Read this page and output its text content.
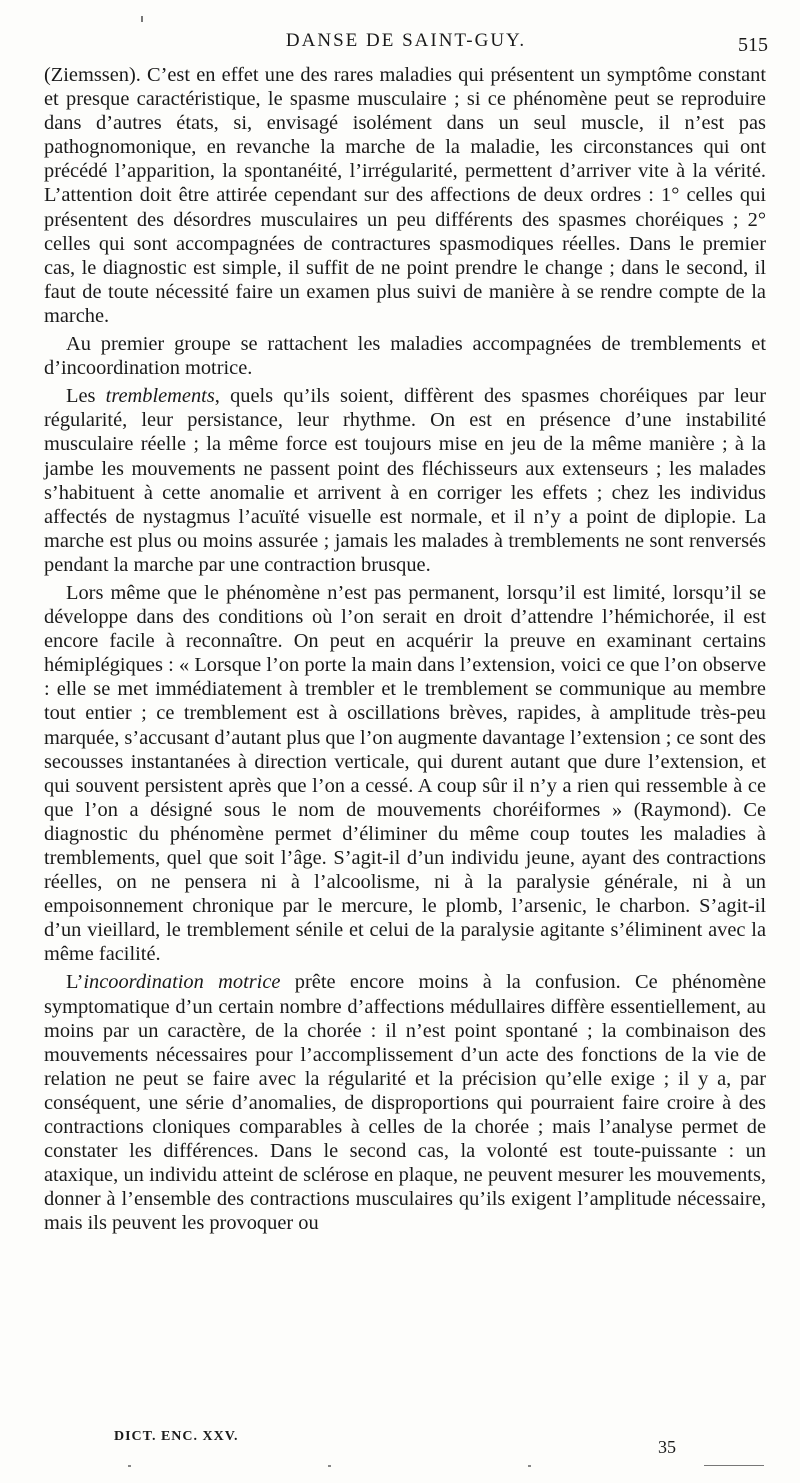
DANSE DE SAINT-GUY.	515

(Ziemssen). C’est en effet une des rares maladies qui présentent un symptôme constant et presque caractéristique, le spasme musculaire ; si ce phénomène peut se reproduire dans d’autres états, si, envisagé isolément dans un seul muscle, il n’est pas pathognomonique, en revanche la marche de la maladie, les circonstances qui ont précédé l’apparition, la spontanéité, l’irrégularité, permettent d’arriver vite à la vérité. L’attention doit être attirée cependant sur des affections de deux ordres : 1° celles qui présentent des désordres musculaires un peu différents des spasmes choréiques ; 2° celles qui sont accompagnées de contractures spasmodiques réelles. Dans le premier cas, le diagnostic est simple, il suffit de ne point prendre le change ; dans le second, il faut de toute nécessité faire un examen plus suivi de manière à se rendre compte de la marche.

Au premier groupe se rattachent les maladies accompagnées de tremblements et d’incoordination motrice.

Les tremblements, quels qu’ils soient, diffèrent des spasmes choréiques par leur régularité, leur persistance, leur rhythme. On est en présence d’une instabilité musculaire réelle ; la même force est toujours mise en jeu de la même manière ; à la jambe les mouvements ne passent point des fléchisseurs aux extenseurs ; les malades s’habituent à cette anomalie et arrivent à en corriger les effets ; chez les individus affectés de nystagmus l’acuïté visuelle est normale, et il n’y a point de diplopie. La marche est plus ou moins assurée ; jamais les malades à tremblements ne sont renversés pendant la marche par une contraction brusque.

Lors même que le phénomène n’est pas permanent, lorsqu’il est limité, lorsqu’il se développe dans des conditions où l’on serait en droit d’attendre l’hémichorée, il est encore facile à reconnaître. On peut en acquérir la preuve en examinant certains hémiplégiques : « Lorsque l’on porte la main dans l’extension, voici ce que l’on observe : elle se met immédiatement à trembler et le tremblement se communique au membre tout entier ; ce tremblement est à oscillations brèves, rapides, à amplitude très-peu marquée, s’accusant d’autant plus que l’on augmente davantage l’extension ; ce sont des secousses instantanées à direction verticale, qui durent autant que dure l’extension, et qui souvent persistent après que l’on a cessé. A coup sûr il n’y a rien qui ressemble à ce que l’on a désigné sous le nom de mouvements choréiformes » (Raymond). Ce diagnostic du phénomène permet d’éliminer du même coup toutes les maladies à tremblements, quel que soit l’âge. S’agit-il d’un individu jeune, ayant des contractions réelles, on ne pensera ni à l’alcoolisme, ni à la paralysie générale, ni à un empoisonnement chronique par le mercure, le plomb, l’arsenic, le charbon. S’agit-il d’un vieillard, le tremblement sénile et celui de la paralysie agitante s’éliminent avec la même facilité.

L’incoordination motrice prête encore moins à la confusion. Ce phénomène symptomatique d’un certain nombre d’affections médullaires diffère essentiellement, au moins par un caractère, de la chorée : il n’est point spontané ; la combinaison des mouvements nécessaires pour l’accomplissement d’un acte des fonctions de la vie de relation ne peut se faire avec la régularité et la précision qu’elle exige ; il y a, par conséquent, une série d’anomalies, de disproportions qui pourraient faire croire à des contractions cloniques comparables à celles de la chorée ; mais l’analyse permet de constater les différences. Dans le second cas, la volonté est toute-puissante : un ataxique, un individu atteint de sclérose en plaque, ne peuvent mesurer les mouvements, donner à l’ensemble des contractions musculaires qu’ils exigent l’amplitude nécessaire, mais ils peuvent les provoquer ou

DICT. ENC. XXV.
35
